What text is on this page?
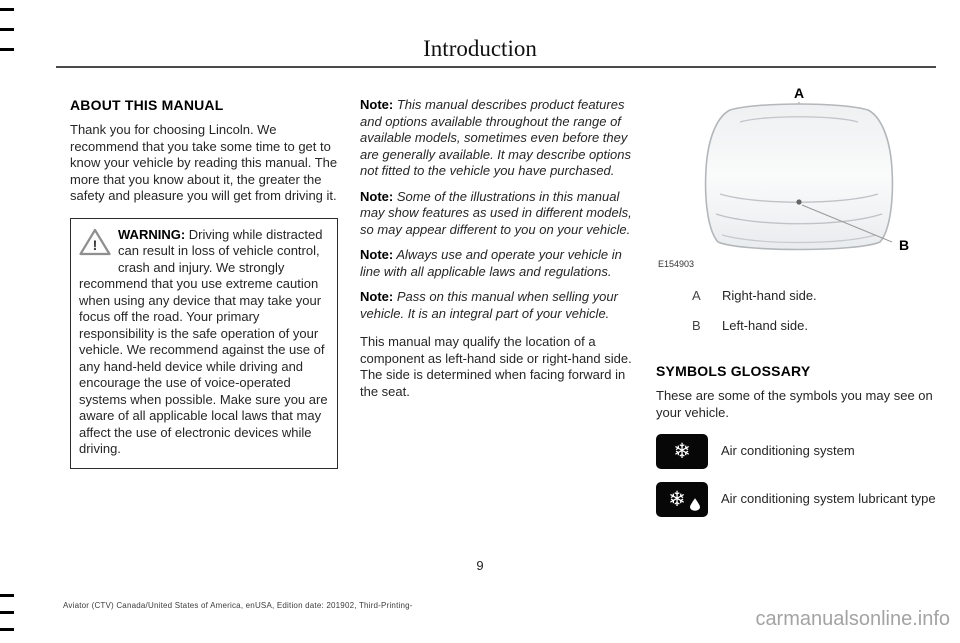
Introduction
ABOUT THIS MANUAL

Thank you for choosing Lincoln. We recommend that you take some time to get to know your vehicle by reading this manual. The more that you know about it, the greater the safety and pleasure you will get from driving it.

!
WARNING: Driving while distracted can result in loss of vehicle control, crash and injury. We strongly recommend that you use extreme caution when using any device that may take your focus off the road. Your primary responsibility is the safe operation of your vehicle. We recommend against the use of any hand-held device while driving and encourage the use of voice-operated systems when possible. Make sure you are aware of all applicable local laws that may affect the use of electronic devices while driving.

Note: This manual describes product features and options available throughout the range of available models, sometimes even before they are generally available. It may describe options not fitted to the vehicle you have purchased.

Note: Some of the illustrations in this manual may show features as used in different models, so may appear different to you on your vehicle.

Note: Always use and operate your vehicle in line with all applicable laws and regulations.

Note: Pass on this manual when selling your vehicle. It is an integral part of your vehicle.

This manual may qualify the location of a component as left-hand side or right-hand side. The side is determined when facing forward in the seat.

A
B
E154903
A	Right-hand side.
B	Left-hand side.
SYMBOLS GLOSSARY

These are some of the symbols you may see on your vehicle.

❄ Air conditioning system
❄	Air conditioning system lubricant type
9
Aviator (CTV) Canada/United States of America, enUSA, Edition date: 201902, Third-Printing-
carmanualsonline.info
